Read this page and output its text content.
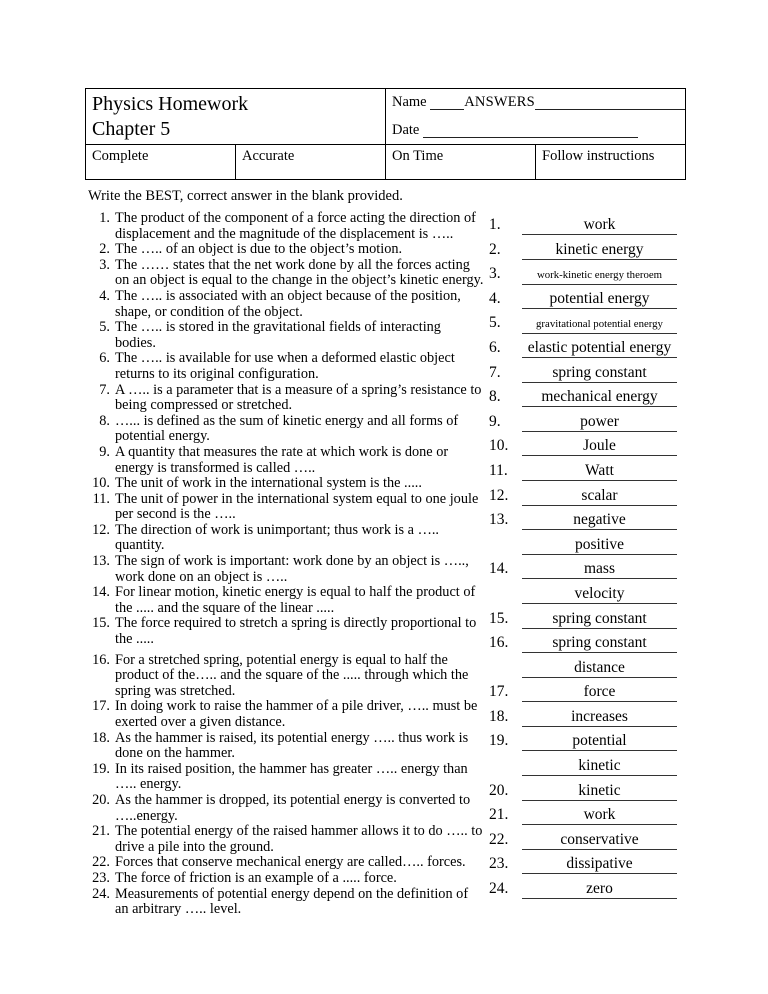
Physics Homework
Chapter 5

Name	ANSWERS
Date

Complete	Accurate	On Time	Follow instructions
Write the BEST, correct answer in the blank provided.
1. The product of the component of a force acting the direction of displacement and the magnitude of the displacement is …..
2. The ….. of an object is due to the object’s motion.
3. The …… states that the net work done by all the forces acting on an object is equal to the change in the object’s kinetic energy.
4. The ….. is associated with an object because of the position, shape, or condition of the object.
5. The ….. is stored in the gravitational fields of interacting bodies.
6. The ….. is available for use when a deformed elastic object returns to its original configuration.
7. A ….. is a parameter that is a measure of a spring’s resistance to being compressed or stretched.
8. …... is defined as the sum of kinetic energy and all forms of potential energy.
9. A quantity that measures the rate at which work is done or energy is transformed is called …..
10. The unit of work in the international system is the .....
11. The unit of power in the international system equal to one joule per second is the …..
12. The direction of work is unimportant; thus work is a ….. quantity.
13. The sign of work is important: work done by an object is ….., work done on an object is …..
14. For linear motion, kinetic energy is equal to half the product of the ..... and the square of the linear .....
15. The force required to stretch a spring is directly proportional to the .....
16. For a stretched spring, potential energy is equal to half the product of the….. and the square of the ..... through which the spring was stretched.
17. In doing work to raise the hammer of a pile driver, ….. must be exerted over a given distance.
18. As the hammer is raised, its potential energy ….. thus work is done on the hammer.
19. In its raised position, the hammer has greater ….. energy than ….. energy.
20. As the hammer is dropped, its potential energy is converted to …..energy.
21. The potential energy of the raised hammer allows it to do ….. to drive a pile into the ground.
22. Forces that conserve mechanical energy are called….. forces.
23. The force of friction is an example of a ..... force.
24. Measurements of potential energy depend on the definition of an arbitrary ….. level.
1.	work
2.	kinetic energy
3.	work-kinetic energy theroem
4.	potential energy
5.	gravitational potential energy
6.	elastic potential energy
7.	spring constant
8.	mechanical energy
9.	power
10.	Joule
11.	Watt
12.	scalar
13.	negative
positive
14.	mass
velocity
15.	spring constant
16.	spring constant
distance
17.	force
18.	increases
19.	potential
kinetic
20.	kinetic
21.	work
22.	conservative
23.	dissipative
24.	zero
